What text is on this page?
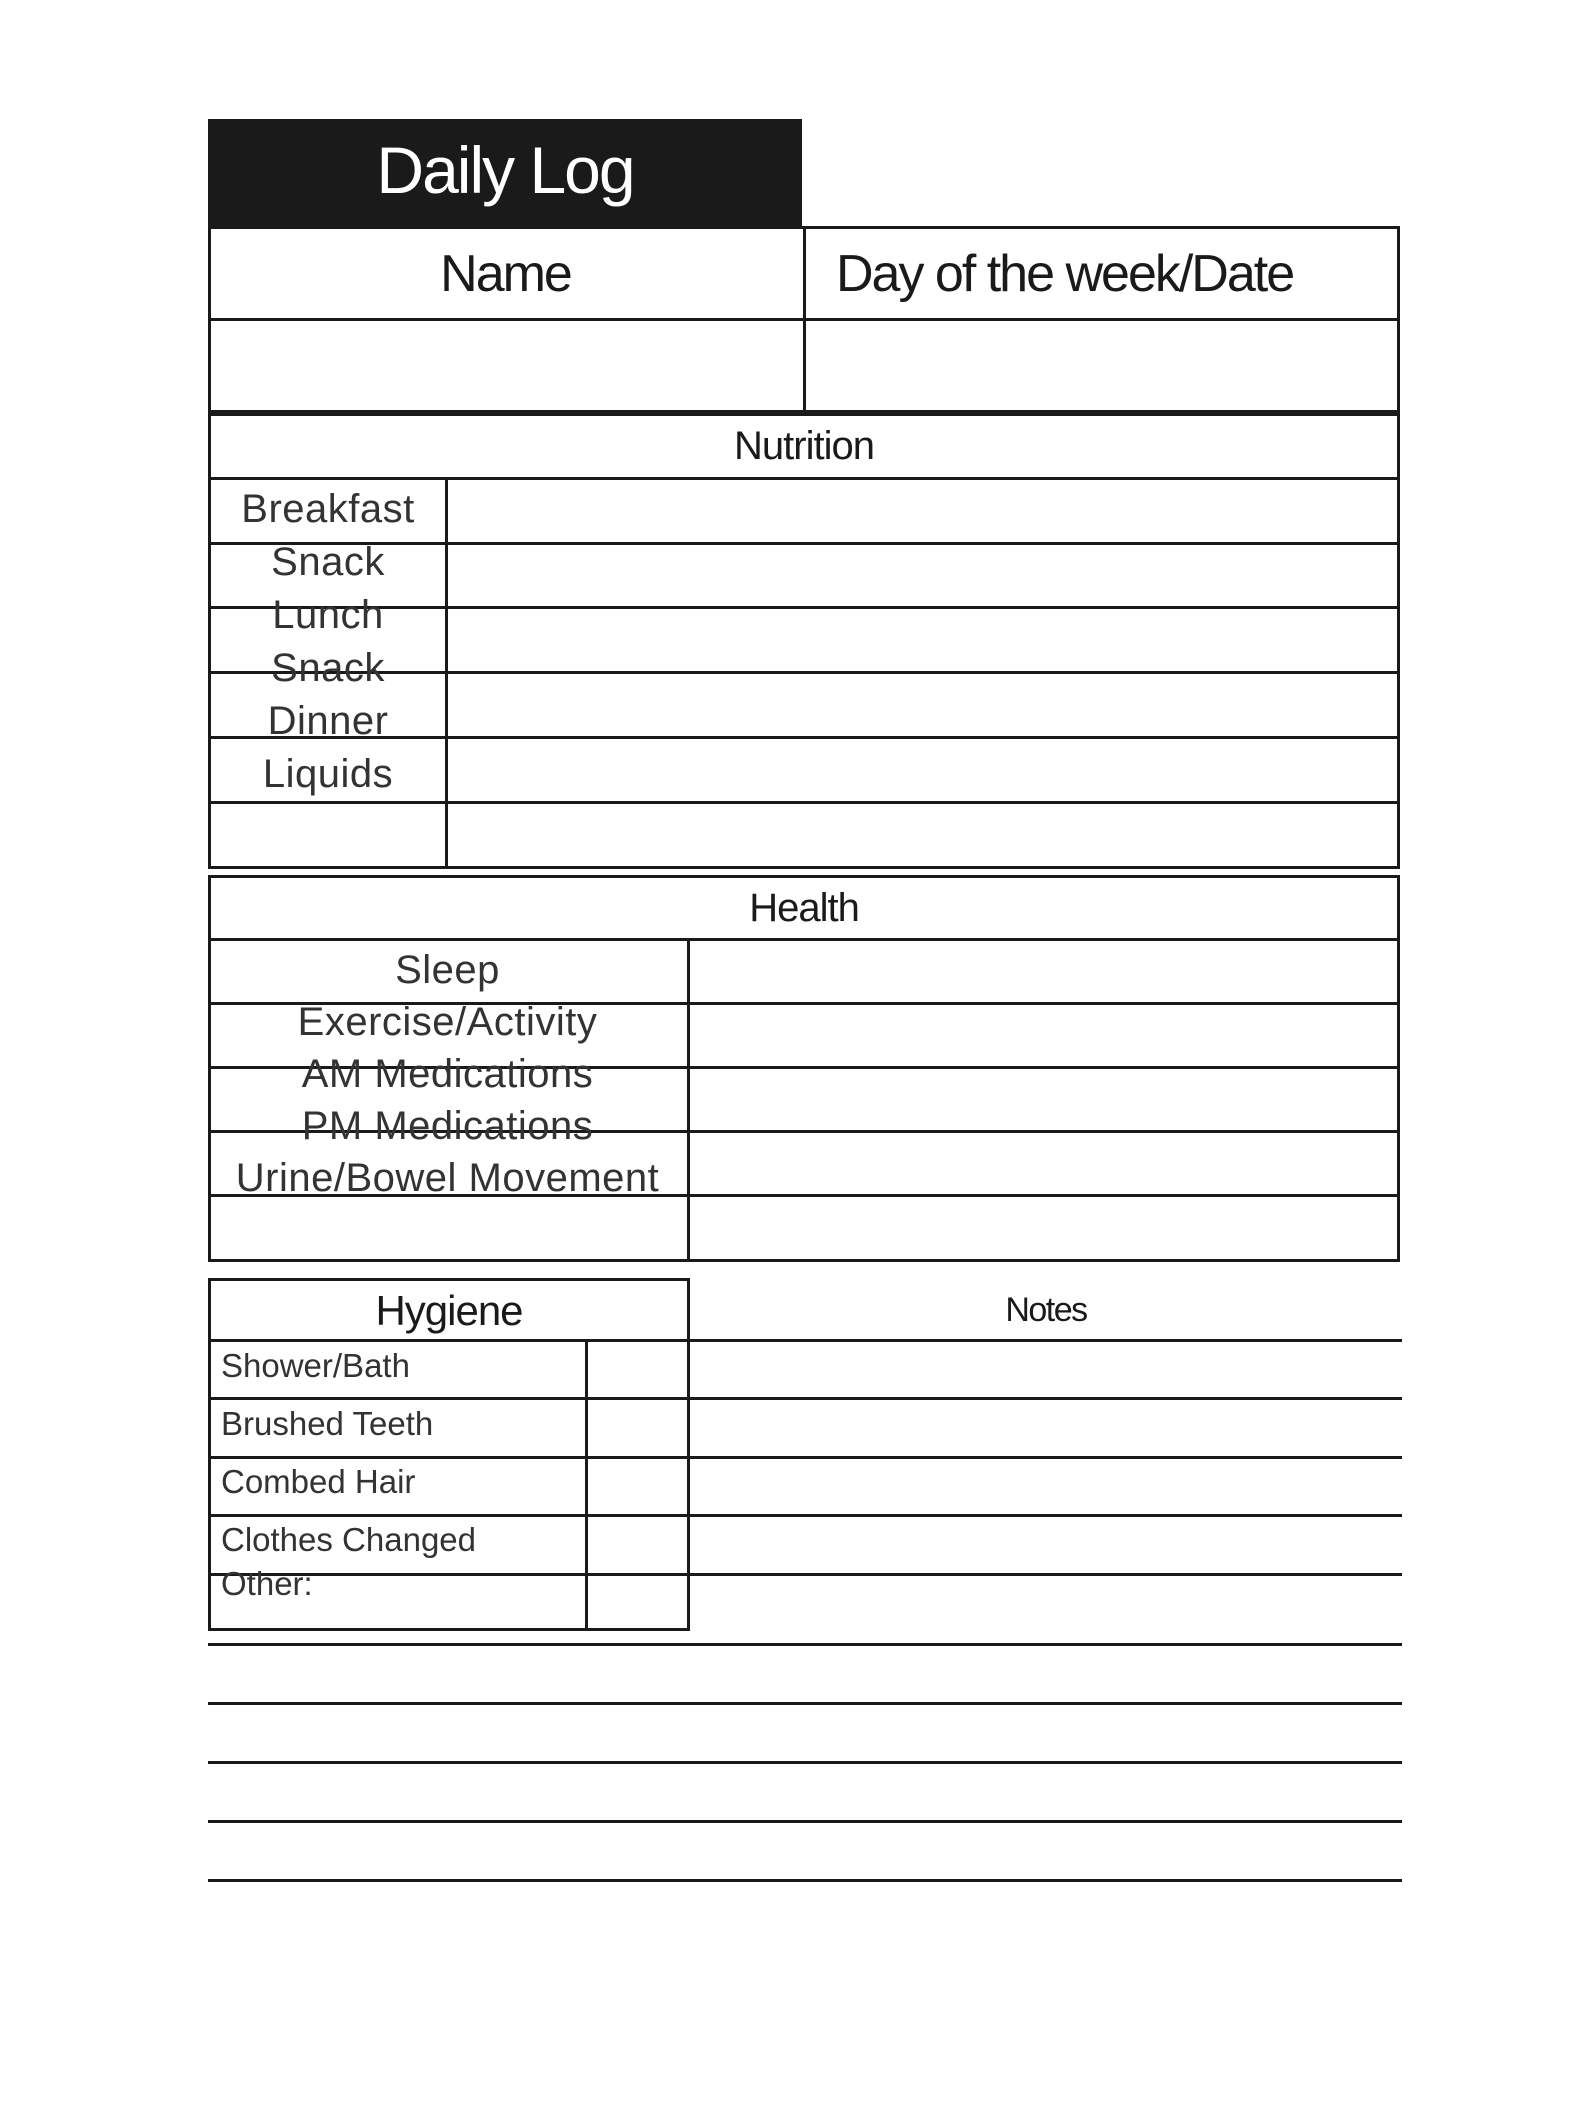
Daily Log
Name	Day of the week/Date
Nutrition
Breakfast
Snack
Lunch
Snack
Dinner
Liquids
Health
Sleep
Exercise/Activity
AM Medications
PM Medications
Urine/Bowel Movement
Hygiene
Shower/Bath
Brushed Teeth
Combed Hair
Clothes Changed
Other:
Notes
